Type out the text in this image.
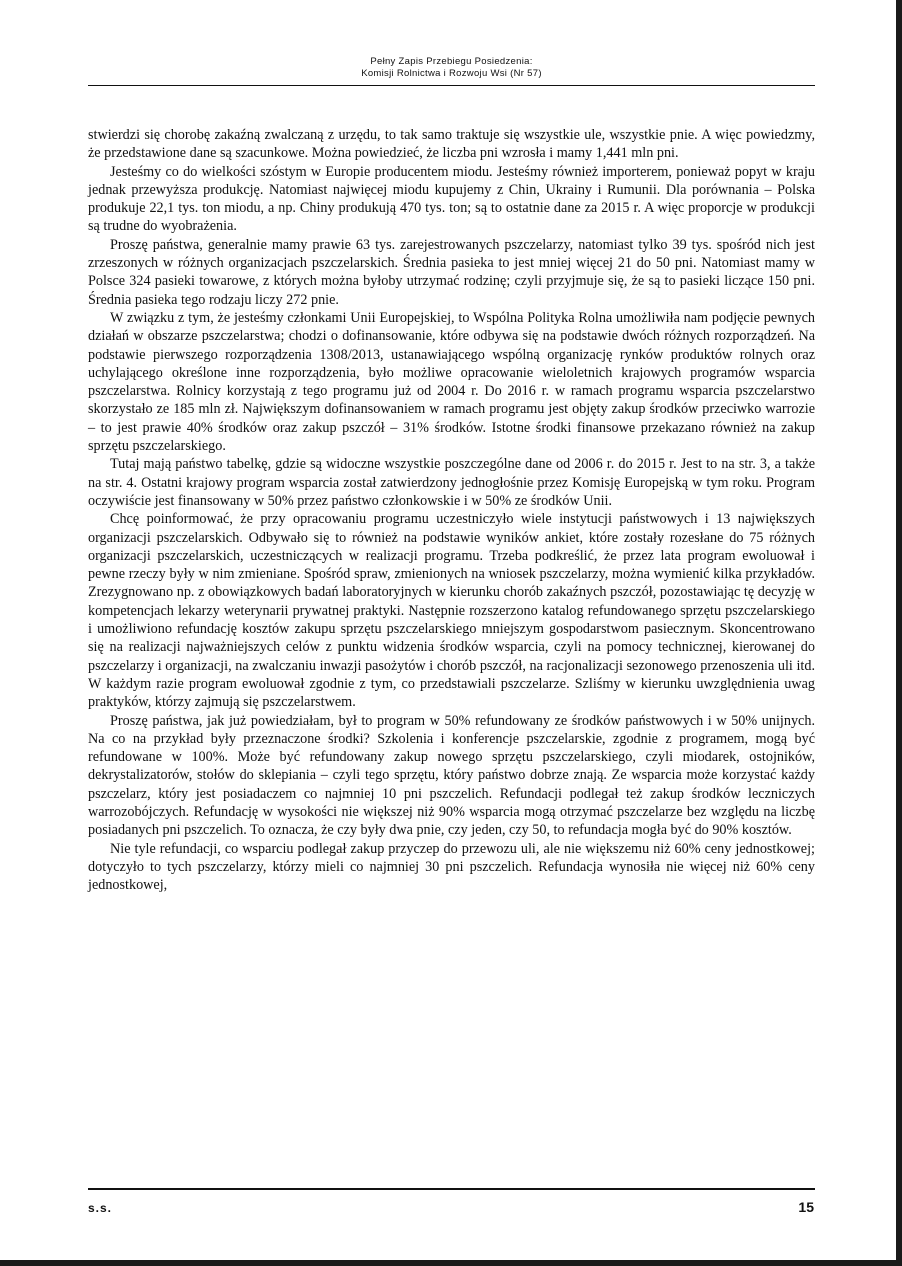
Pełny Zapis Przebiegu Posiedzenia:
Komisji Rolnictwa i Rozwoju Wsi (Nr 57)

stwierdzi się chorobę zakaźną zwalczaną z urzędu, to tak samo traktuje się wszystkie ule, wszystkie pnie. A więc powiedzmy, że przedstawione dane są szacunkowe. Można powiedzieć, że liczba pni wzrosła i mamy 1,441 mln pni.

Jesteśmy co do wielkości szóstym w Europie producentem miodu. Jesteśmy również importerem, ponieważ popyt w kraju jednak przewyższa produkcję. Natomiast najwięcej miodu kupujemy z Chin, Ukrainy i Rumunii. Dla porównania – Polska produkuje 22,1 tys. ton miodu, a np. Chiny produkują 470 tys. ton; są to ostatnie dane za 2015 r. A więc proporcje w produkcji są trudne do wyobrażenia.

Proszę państwa, generalnie mamy prawie 63 tys. zarejestrowanych pszczelarzy, natomiast tylko 39 tys. spośród nich jest zrzeszonych w różnych organizacjach pszczelarskich. Średnia pasieka to jest mniej więcej 21 do 50 pni. Natomiast mamy w Polsce 324 pasieki towarowe, z których można byłoby utrzymać rodzinę; czyli przyjmuje się, że są to pasieki liczące 150 pni. Średnia pasieka tego rodzaju liczy 272 pnie.

W związku z tym, że jesteśmy członkami Unii Europejskiej, to Wspólna Polityka Rolna umożliwiła nam podjęcie pewnych działań w obszarze pszczelarstwa; chodzi o dofinansowanie, które odbywa się na podstawie dwóch różnych rozporządzeń. Na podstawie pierwszego rozporządzenia 1308/2013, ustanawiającego wspólną organizację rynków produktów rolnych oraz uchylającego określone inne rozporządzenia, było możliwe opracowanie wieloletnich krajowych programów wsparcia pszczelarstwa. Rolnicy korzystają z tego programu już od 2004 r. Do 2016 r. w ramach programu wsparcia pszczelarstwo skorzystało ze 185 mln zł. Największym dofinansowaniem w ramach programu jest objęty zakup środków przeciwko warrozie – to jest prawie 40% środków oraz zakup pszczół – 31% środków. Istotne środki finansowe przekazano również na zakup sprzętu pszczelarskiego.

Tutaj mają państwo tabelkę, gdzie są widoczne wszystkie poszczególne dane od 2006 r. do 2015 r. Jest to na str. 3, a także na str. 4. Ostatni krajowy program wsparcia został zatwierdzony jednogłośnie przez Komisję Europejską w tym roku. Program oczywiście jest finansowany w 50% przez państwo członkowskie i w 50% ze środków Unii.

Chcę poinformować, że przy opracowaniu programu uczestniczyło wiele instytucji państwowych i 13 największych organizacji pszczelarskich. Odbywało się to również na podstawie wyników ankiet, które zostały rozesłane do 75 różnych organizacji pszczelarskich, uczestniczących w realizacji programu. Trzeba podkreślić, że przez lata program ewoluował i pewne rzeczy były w nim zmieniane. Spośród spraw, zmienionych na wniosek pszczelarzy, można wymienić kilka przykładów. Zrezygnowano np. z obowiązkowych badań laboratoryjnych w kierunku chorób zakaźnych pszczół, pozostawiając tę decyzję w kompetencjach lekarzy weterynarii prywatnej praktyki. Następnie rozszerzono katalog refundowanego sprzętu pszczelarskiego i umożliwiono refundację kosztów zakupu sprzętu pszczelarskiego mniejszym gospodarstwom pasiecznym. Skoncentrowano się na realizacji najważniejszych celów z punktu widzenia środków wsparcia, czyli na pomocy technicznej, kierowanej do pszczelarzy i organizacji, na zwalczaniu inwazji pasożytów i chorób pszczół, na racjonalizacji sezonowego przenoszenia uli itd. W każdym razie program ewoluował zgodnie z tym, co przedstawiali pszczelarze. Szliśmy w kierunku uwzględnienia uwag praktyków, którzy zajmują się pszczelarstwem.

Proszę państwa, jak już powiedziałam, był to program w 50% refundowany ze środków państwowych i w 50% unijnych. Na co na przykład były przeznaczone środki? Szkolenia i konferencje pszczelarskie, zgodnie z programem, mogą być refundowane w 100%. Może być refundowany zakup nowego sprzętu pszczelarskiego, czyli miodarek, ostojników, dekrystalizatorów, stołów do sklepiania – czyli tego sprzętu, który państwo dobrze znają. Ze wsparcia może korzystać każdy pszczelarz, który jest posiadaczem co najmniej 10 pni pszczelich. Refundacji podlegał też zakup środków leczniczych warrozobójczych. Refundację w wysokości nie większej niż 90% wsparcia mogą otrzymać pszczelarze bez względu na liczbę posiadanych pni pszczelich. To oznacza, że czy były dwa pnie, czy jeden, czy 50, to refundacja mogła być do 90% kosztów.

Nie tyle refundacji, co wsparciu podlegał zakup przyczep do przewozu uli, ale nie większemu niż 60% ceny jednostkowej; dotyczyło to tych pszczelarzy, którzy mieli co najmniej 30 pni pszczelich. Refundacja wynosiła nie więcej niż 60% ceny jednostkowej,

s.s.	15
